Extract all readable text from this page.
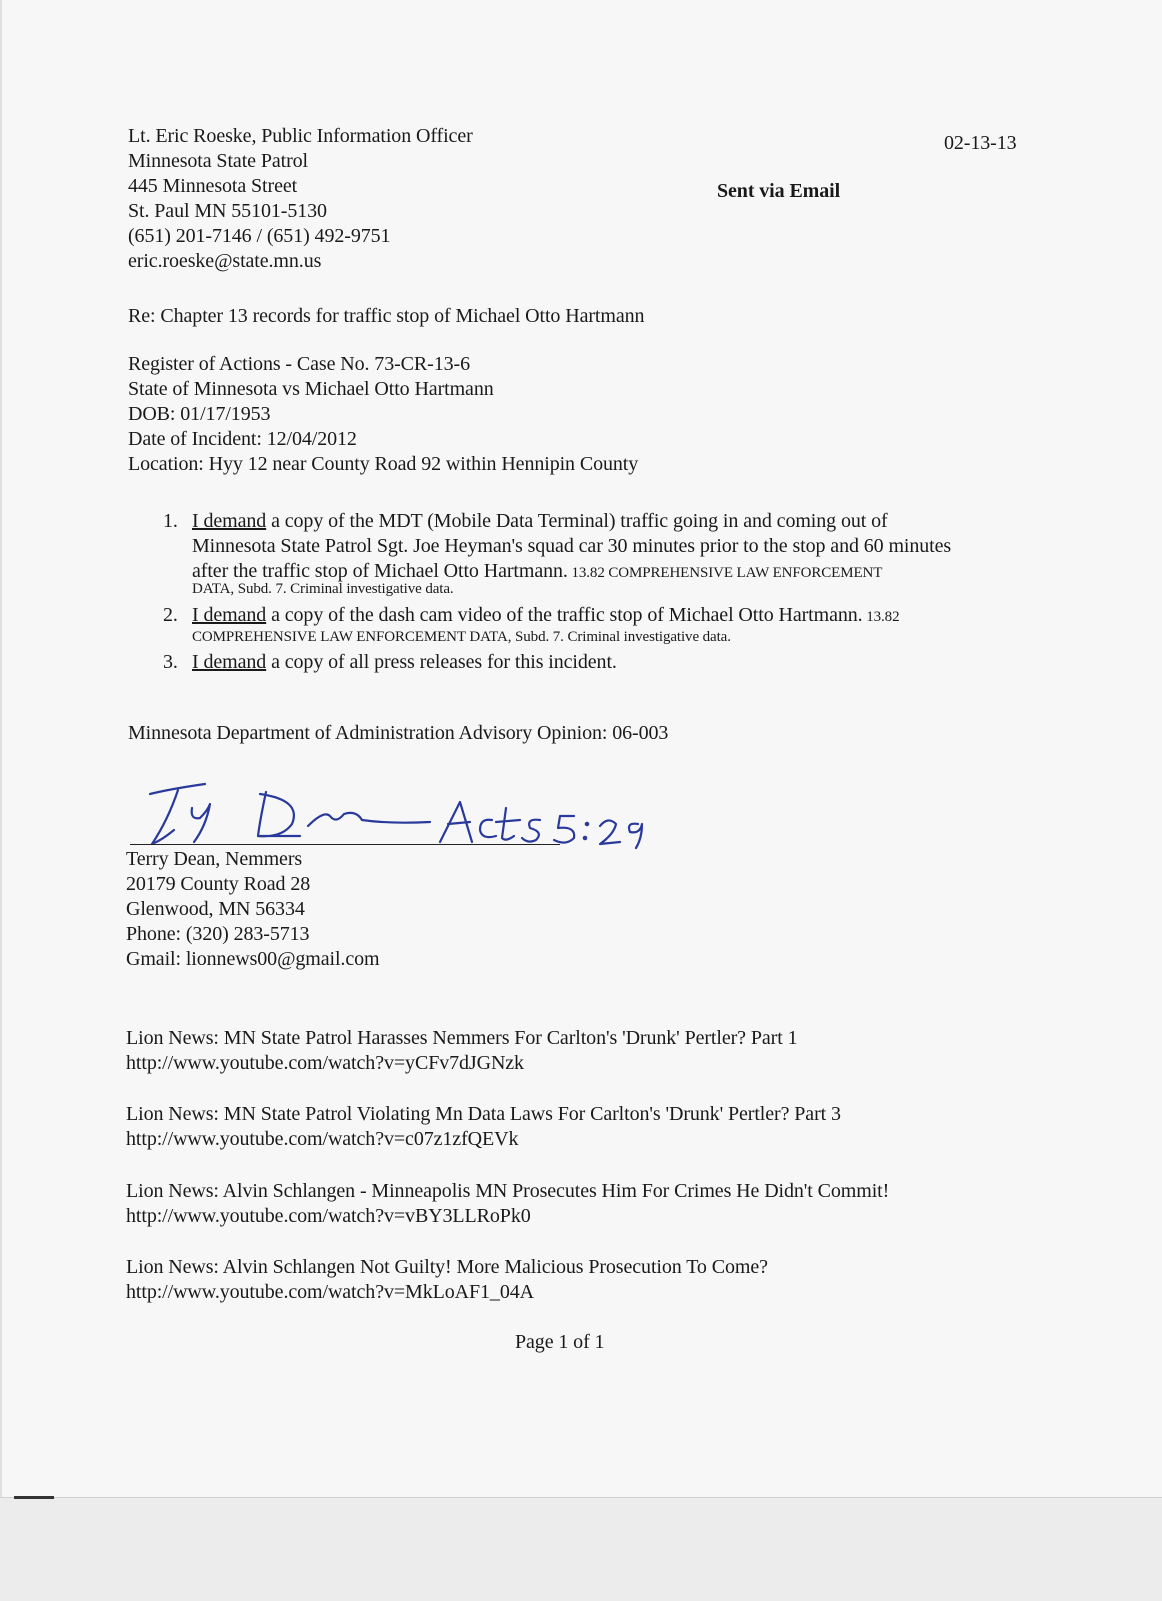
Lt. Eric Roeske, Public Information Officer
Minnesota State Patrol
445 Minnesota Street
St. Paul MN 55101-5130
(651) 201-7146 / (651) 492-9751
eric.roeske@state.mn.us
02-13-13
Sent via Email
Re: Chapter 13 records for traffic stop of Michael Otto Hartmann
Register of Actions - Case No. 73-CR-13-6
State of Minnesota vs Michael Otto Hartmann
DOB: 01/17/1953
Date of Incident: 12/04/2012
Location: Hyy 12 near County Road 92 within Hennipin County
1. I demand a copy of the MDT (Mobile Data Terminal) traffic going in and coming out of
Minnesota State Patrol Sgt. Joe Heyman's squad car 30 minutes prior to the stop and 60 minutes
after the traffic stop of Michael Otto Hartmann. 13.82 COMPREHENSIVE LAW ENFORCEMENT
DATA, Subd. 7. Criminal investigative data.
2. I demand a copy of the dash cam video of the traffic stop of Michael Otto Hartmann. 13.82
COMPREHENSIVE LAW ENFORCEMENT DATA, Subd. 7. Criminal investigative data.
3. I demand a copy of all press releases for this incident.
Minnesota Department of Administration Advisory Opinion: 06-003
Terry Dean, Nemmers
20179 County Road 28
Glenwood, MN 56334
Phone: (320) 283-5713
Gmail: lionnews00@gmail.com
Lion News: MN State Patrol Harasses Nemmers For Carlton's 'Drunk' Pertler? Part 1
http://www.youtube.com/watch?v=yCFv7dJGNzk
Lion News: MN State Patrol Violating Mn Data Laws For Carlton's 'Drunk' Pertler? Part 3
http://www.youtube.com/watch?v=c07z1zfQEVk
Lion News: Alvin Schlangen - Minneapolis MN Prosecutes Him For Crimes He Didn't Commit!
http://www.youtube.com/watch?v=vBY3LLRoPk0
Lion News: Alvin Schlangen Not Guilty! More Malicious Prosecution To Come?
http://www.youtube.com/watch?v=MkLoAF1_04A
Page 1 of 1
